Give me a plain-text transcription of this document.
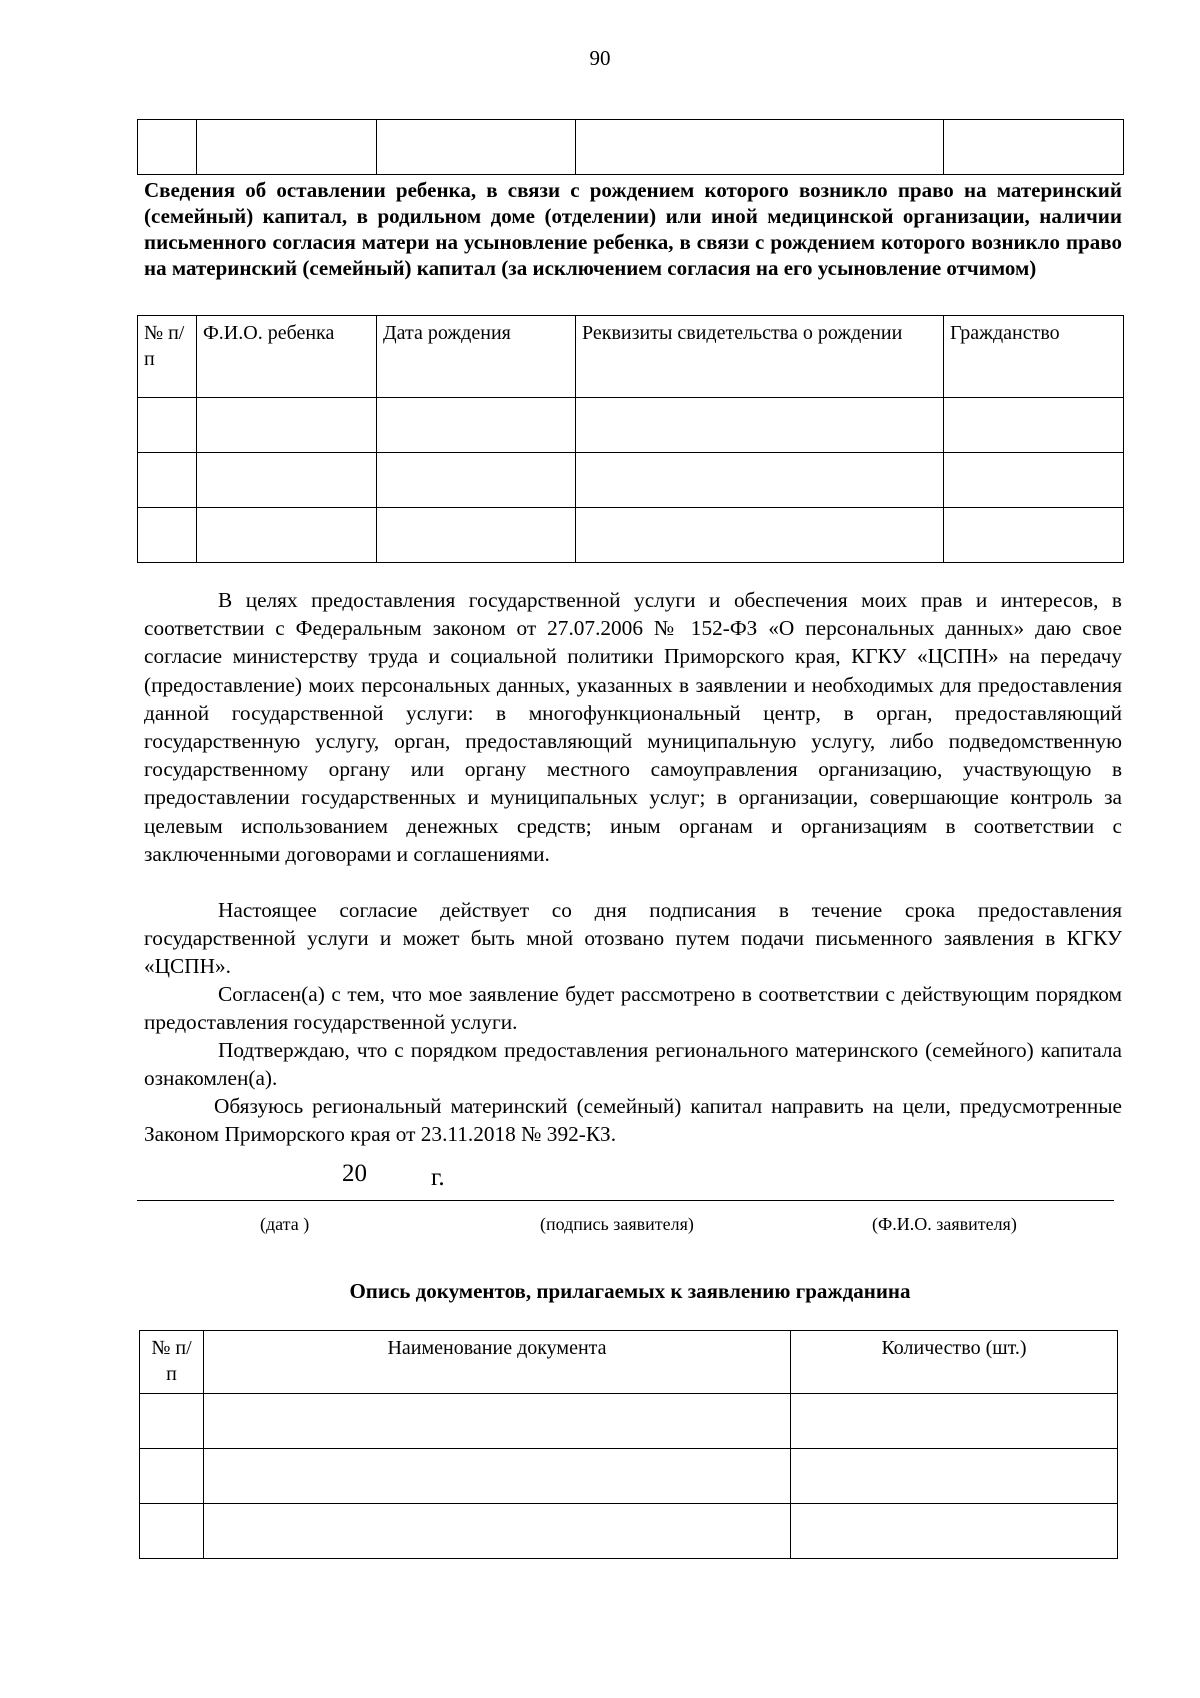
90

Сведения об оставлении ребенка, в связи с рождением которого возникло право на материнский (семейный) капитал, в родильном доме (отделении) или иной медицинской организации, наличии письменного согласия матери на усыновление ребенка, в связи с рождением которого возникло право на материнский (семейный) капитал (за исключением согласия на его усыновление отчимом)
№ п/п	Ф.И.О. ребенка	Дата рождения	Реквизиты свидетельства о рождении	Гражданство

В целях предоставления государственной услуги и обеспечения моих прав и интересов, в соответствии с Федеральным законом от 27.07.2006 № 152-ФЗ «О персональных данных» даю свое согласие министерству труда и социальной политики Приморского края, КГКУ «ЦСПН» на передачу (предоставление) моих персональных данных, указанных в заявлении и необходимых для предоставления данной государственной услуги: в многофункциональный центр, в орган, предоставляющий государственную услугу, орган, предоставляющий муниципальную услугу, либо подведомственную государственному органу или органу местного самоуправления организацию, участвующую в предоставлении государственных и муниципальных услуг; в организации, совершающие контроль за целевым использованием денежных средств; иным органам и организациям в соответствии с заключенными договорами и соглашениями.
Настоящее согласие действует со дня подписания в течение срока предоставления государственной услуги и может быть мной отозвано путем подачи письменного заявления в КГКУ «ЦСПН».
Согласен(а) с тем, что мое заявление будет рассмотрено в соответствии с действующим порядком предоставления государственной услуги.
Подтверждаю, что с порядком предоставления регионального материнского (семейного) капитала ознакомлен(а).
Обязуюсь региональный материнский (семейный) капитал направить на цели, предусмотренные Законом Приморского края от 23.11.2018 № 392-КЗ.
20	г.
(дата )	(подпись заявителя)	(Ф.И.О. заявителя)
Опись документов, прилагаемых к заявлению гражданина
№ п/п	Наименование документа	Количество (шт.)
